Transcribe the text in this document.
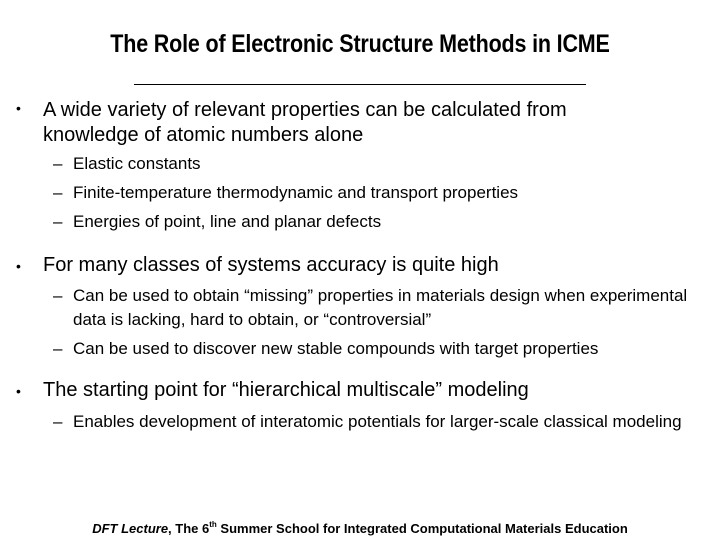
The Role of Electronic Structure Methods in ICME
• A wide variety of relevant properties can be calculated from knowledge of atomic numbers alone
– Elastic constants
– Finite-temperature thermodynamic and transport properties
– Energies of point, line and planar defects
• For many classes of systems accuracy is quite high
– Can be used to obtain “missing” properties in materials design when experimental data is lacking, hard to obtain, or “controversial”
– Can be used to discover new stable compounds with target properties
• The starting point for “hierarchical multiscale” modeling
– Enables development of interatomic potentials for larger-scale classical modeling
DFT Lecture, The 6th Summer School for Integrated Computational Materials Education
